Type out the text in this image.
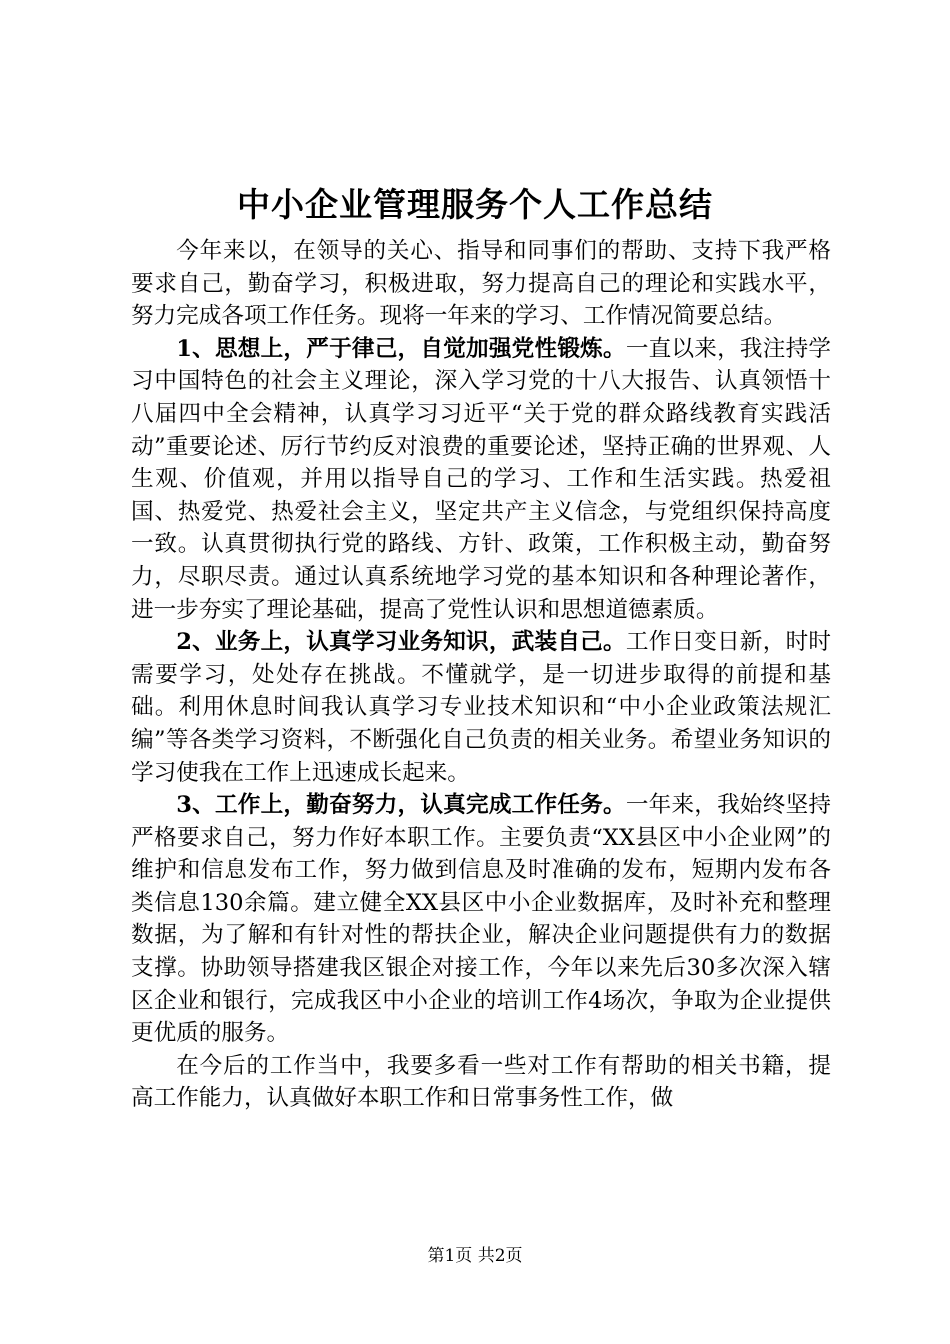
中小企业管理服务个人工作总结

今年来以，在领导的关心、指导和同事们的帮助、支持下我严格要求自己，勤奋学习，积极进取，努力提高自己的理论和实践水平，努力完成各项工作任务。现将一年来的学习、工作情况简要总结。

1、思想上，严于律己，自觉加强党性锻炼。一直以来，我注持学习中国特色的社会主义理论，深入学习党的十八大报告、认真领悟十八届四中全会精神，认真学习习近平“关于党的群众路线教育实践活动”重要论述、厉行节约反对浪费的重要论述，坚持正确的世界观、人生观、价值观，并用以指导自己的学习、工作和生活实践。热爱祖国、热爱党、热爱社会主义，坚定共产主义信念，与党组织保持高度一致。认真贯彻执行党的路线、方针、政策，工作积极主动，勤奋努力，尽职尽责。通过认真系统地学习党的基本知识和各种理论著作，进一步夯实了理论基础，提高了党性认识和思想道德素质。

2、业务上，认真学习业务知识，武装自己。工作日变日新，时时需要学习，处处存在挑战。不懂就学，是一切进步取得的前提和基础。利用休息时间我认真学习专业技术知识和“中小企业政策法规汇编”等各类学习资料，不断强化自己负责的相关业务。希望业务知识的学习使我在工作上迅速成长起来。

3、工作上，勤奋努力，认真完成工作任务。一年来，我始终坚持严格要求自己，努力作好本职工作。主要负责“XX县区中小企业网”的维护和信息发布工作，努力做到信息及时准确的发布，短期内发布各类信息130余篇。建立健全XX县区中小企业数据库，及时补充和整理数据，为了解和有针对性的帮扶企业，解决企业问题提供有力的数据支撑。协助领导搭建我区银企对接工作，今年以来先后30多次深入辖区企业和银行，完成我区中小企业的培训工作4场次，争取为企业提供更优质的服务。

在今后的工作当中，我要多看一些对工作有帮助的相关书籍，提高工作能力，认真做好本职工作和日常事务性工作，做

第1页 共2页
